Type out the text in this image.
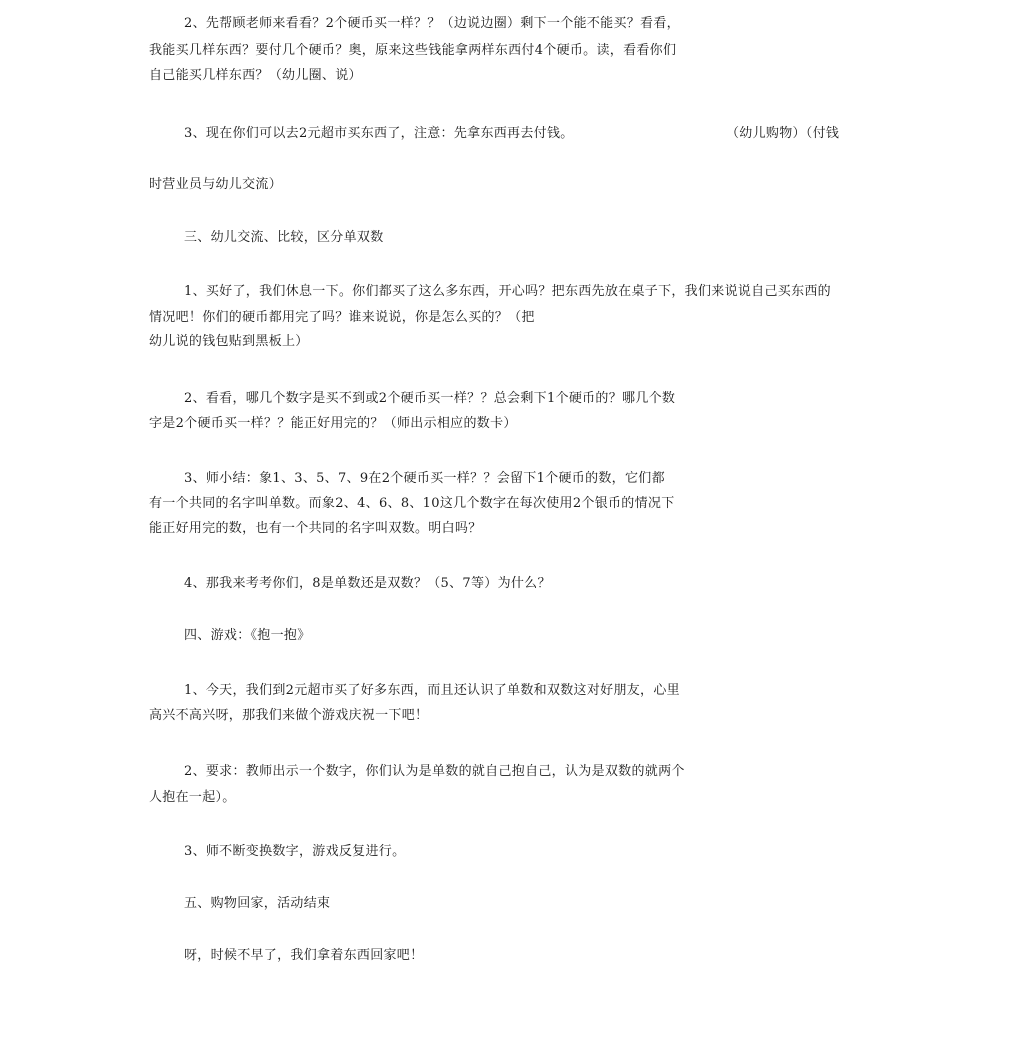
2、先帮顾老师来看看？2个硬币买一样？？（边说边圈）剩下一个能不能买？看看，
我能买几样东西？要付几个硬币？奥，原来这些钱能拿两样东西付4个硬币。读，看看你们
自己能买几样东西？（幼儿圈、说）
3、现在你们可以去2元超市买东西了，注意：先拿东西再去付钱。	（幼儿购物）（付钱
时营业员与幼儿交流）
三、幼儿交流、比较，区分单双数
1、买好了，我们休息一下。你们都买了这么多东西，开心吗？把东西先放在桌子下，我们来说说自己买东西的
情况吧！你们的硬币都用完了吗？谁来说说，你是怎么买的？（把
幼儿说的钱包贴到黑板上）
2、看看，哪几个数字是买不到或2个硬币买一样？？总会剩下1个硬币的？哪几个数
字是2个硬币买一样？？能正好用完的？（师出示相应的数卡）
3、师小结：象1、3、5、7、9在2个硬币买一样？？会留下1个硬币的数，它们都
有一个共同的名字叫单数。而象2、4、6、8、10这几个数字在每次使用2个银币的情况下
能正好用完的数，也有一个共同的名字叫双数。明白吗？
4、那我来考考你们，8是单数还是双数？（5、7等）为什么？
四、游戏：《抱一抱》
1、今天，我们到2元超市买了好多东西，而且还认识了单数和双数这对好朋友，心里
高兴不高兴呀，那我们来做个游戏庆祝一下吧！
2、要求：教师出示一个数字，你们认为是单数的就自己抱自己，认为是双数的就两个
人抱在一起）。
3、师不断变换数字，游戏反复进行。
五、购物回家，活动结束
呀，时候不早了，我们拿着东西回家吧！
